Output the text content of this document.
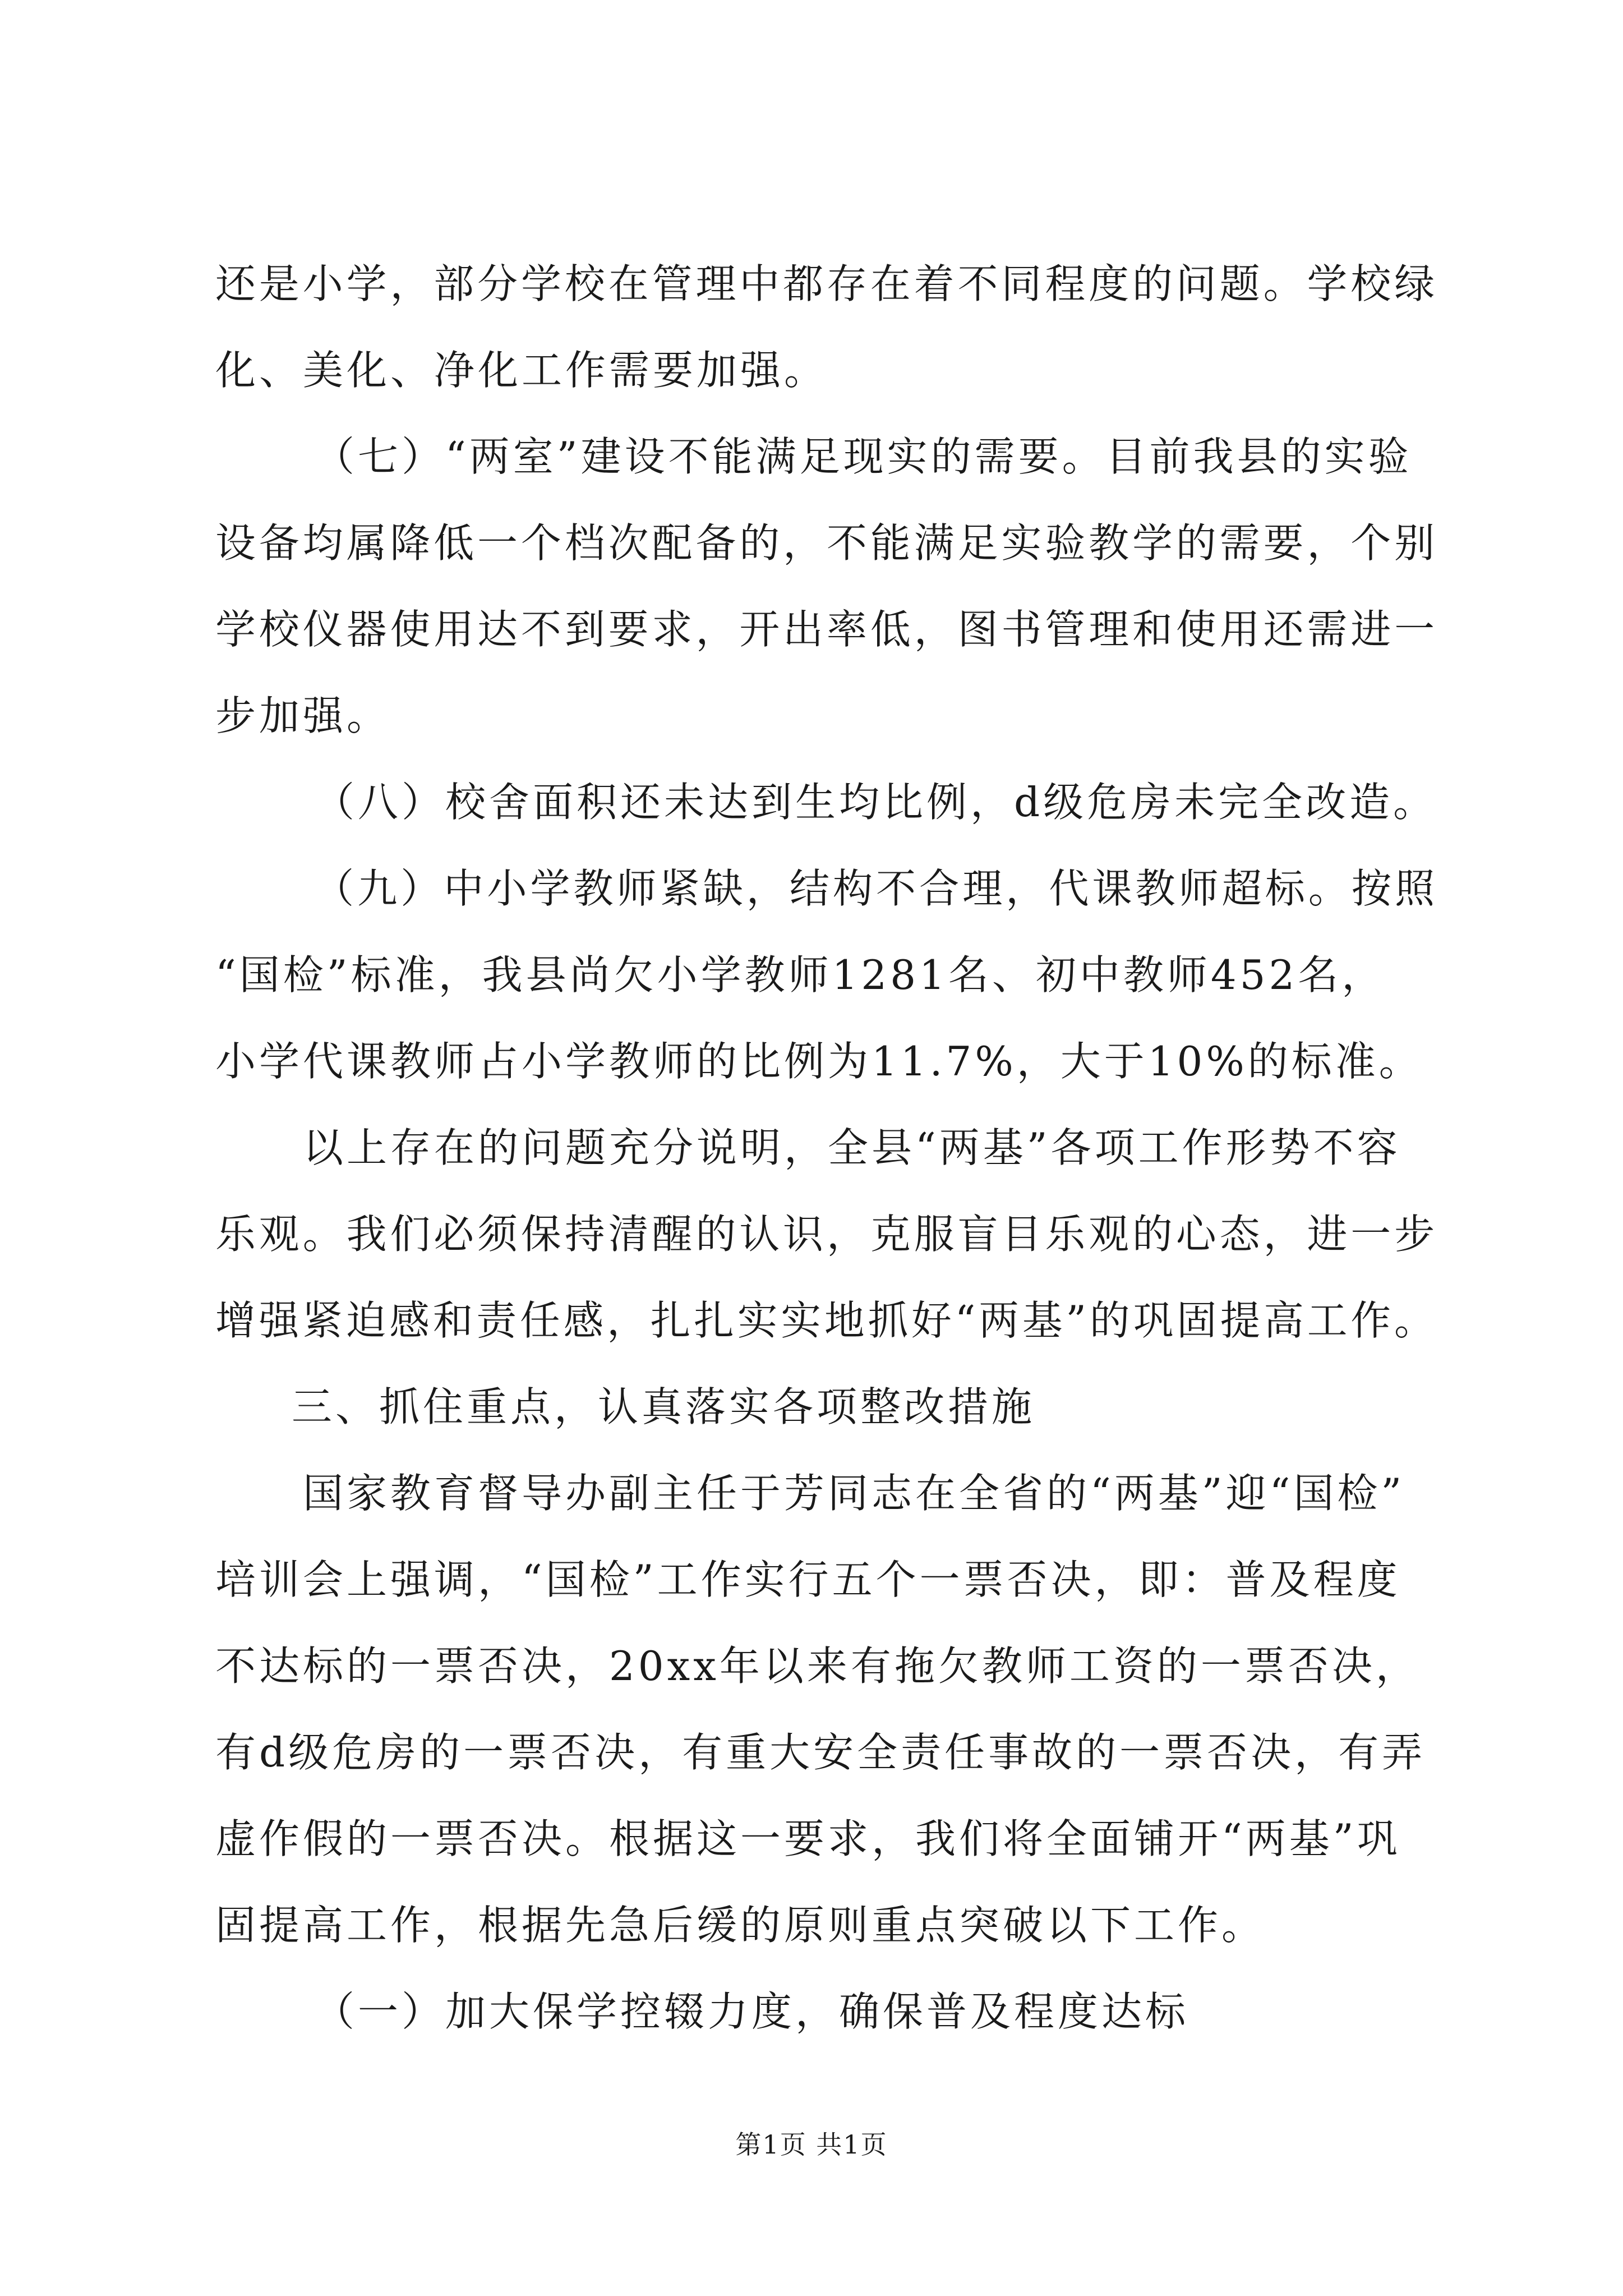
还是小学，部分学校在管理中都存在着不同程度的问题。学校绿
化、美化、净化工作需要加强。
（七）“两室”建设不能满足现实的需要。目前我县的实验
设备均属降低一个档次配备的，不能满足实验教学的需要，个别
学校仪器使用达不到要求，开出率低，图书管理和使用还需进一
步加强。
（八）校舍面积还未达到生均比例，d级危房未完全改造。
（九）中小学教师紧缺，结构不合理，代课教师超标。按照
“国检”标准，我县尚欠小学教师1281名、初中教师452名，
小学代课教师占小学教师的比例为11.7%，大于10%的标准。
以上存在的问题充分说明，全县“两基”各项工作形势不容
乐观。我们必须保持清醒的认识，克服盲目乐观的心态，进一步
增强紧迫感和责任感，扎扎实实地抓好“两基”的巩固提高工作。
三、抓住重点，认真落实各项整改措施
国家教育督导办副主任于芳同志在全省的“两基”迎“国检”
培训会上强调，“国检”工作实行五个一票否决，即：普及程度
不达标的一票否决，20xx年以来有拖欠教师工资的一票否决，
有d级危房的一票否决，有重大安全责任事故的一票否决，有弄
虚作假的一票否决。根据这一要求，我们将全面铺开“两基”巩
固提高工作，根据先急后缓的原则重点突破以下工作。
（一）加大保学控辍力度，确保普及程度达标
第1页 共1页
